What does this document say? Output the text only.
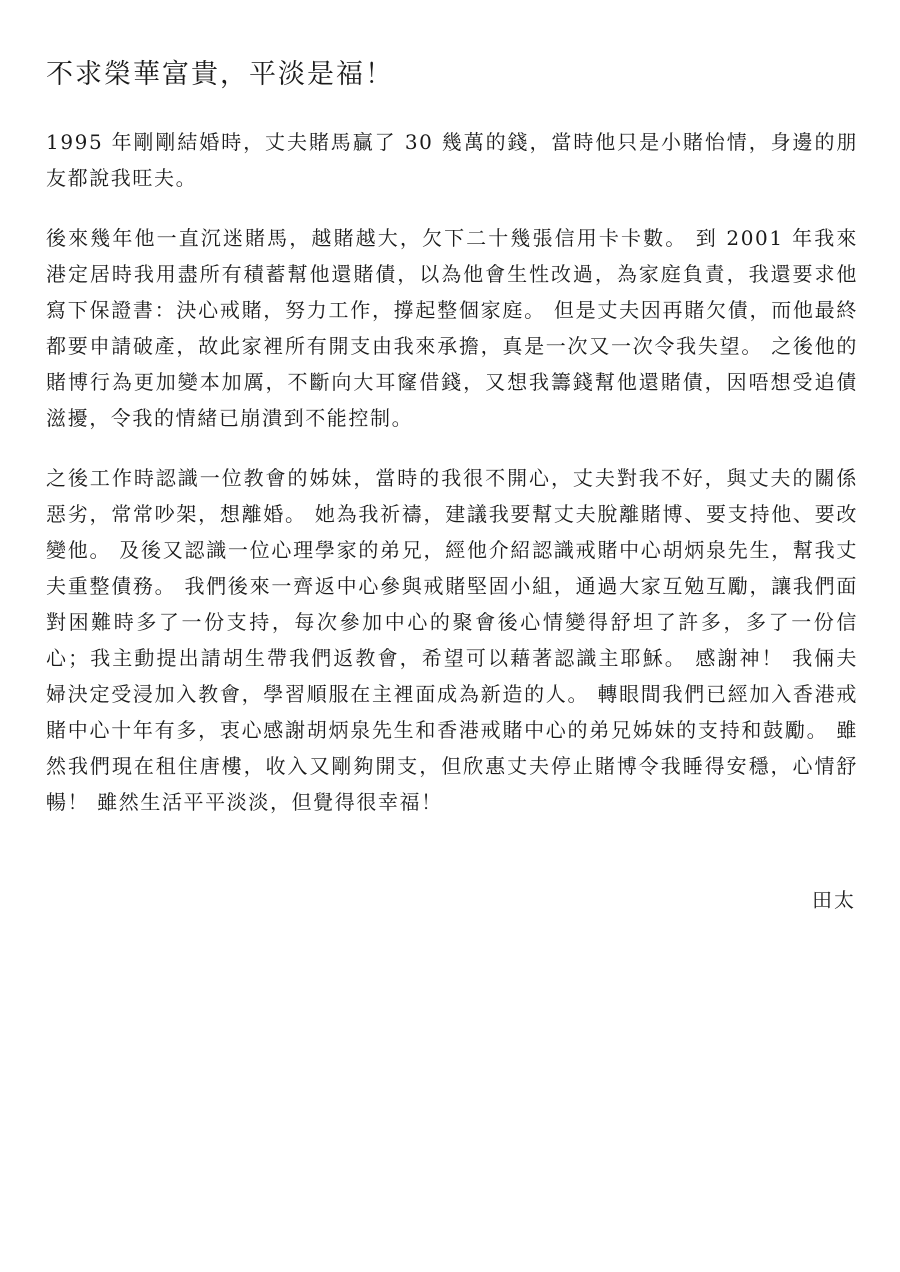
不求榮華富貴，平淡是福！

1995 年剛剛結婚時，丈夫賭馬贏了 30 幾萬的錢，當時他只是小賭怡情，身邊的朋友都說我旺夫。

後來幾年他一直沉迷賭馬，越賭越大，欠下二十幾張信用卡卡數。 到 2001 年我來港定居時我用盡所有積蓄幫他還賭債，以為他會生性改過，為家庭負責，我還要求他寫下保證書：決心戒賭，努力工作，撐起整個家庭。 但是丈夫因再賭欠債，而他最終都要申請破產，故此家裡所有開支由我來承擔，真是一次又一次令我失望。 之後他的賭博行為更加變本加厲，不斷向大耳窿借錢，又想我籌錢幫他還賭債，因唔想受追債滋擾，令我的情緒已崩潰到不能控制。

之後工作時認識一位教會的姊妹，當時的我很不開心，丈夫對我不好，與丈夫的關係惡劣，常常吵架，想離婚。 她為我祈禱，建議我要幫丈夫脫離賭博、要支持他、要改變他。 及後又認識一位心理學家的弟兄，經他介紹認識戒賭中心胡炳泉先生，幫我丈夫重整債務。 我們後來一齊返中心參與戒賭堅固小組，通過大家互勉互勵，讓我們面對困難時多了一份支持，每次參加中心的聚會後心情變得舒坦了許多，多了一份信心；我主動提出請胡生帶我們返教會，希望可以藉著認識主耶穌。 感謝神！ 我倆夫婦決定受浸加入教會，學習順服在主裡面成為新造的人。 轉眼間我們已經加入香港戒賭中心十年有多，衷心感謝胡炳泉先生和香港戒賭中心的弟兄姊妹的支持和鼓勵。 雖然我們現在租住唐樓，收入又剛夠開支，但欣惠丈夫停止賭博令我睡得安穩，心情舒暢！ 雖然生活平平淡淡，但覺得很幸福！

田太
